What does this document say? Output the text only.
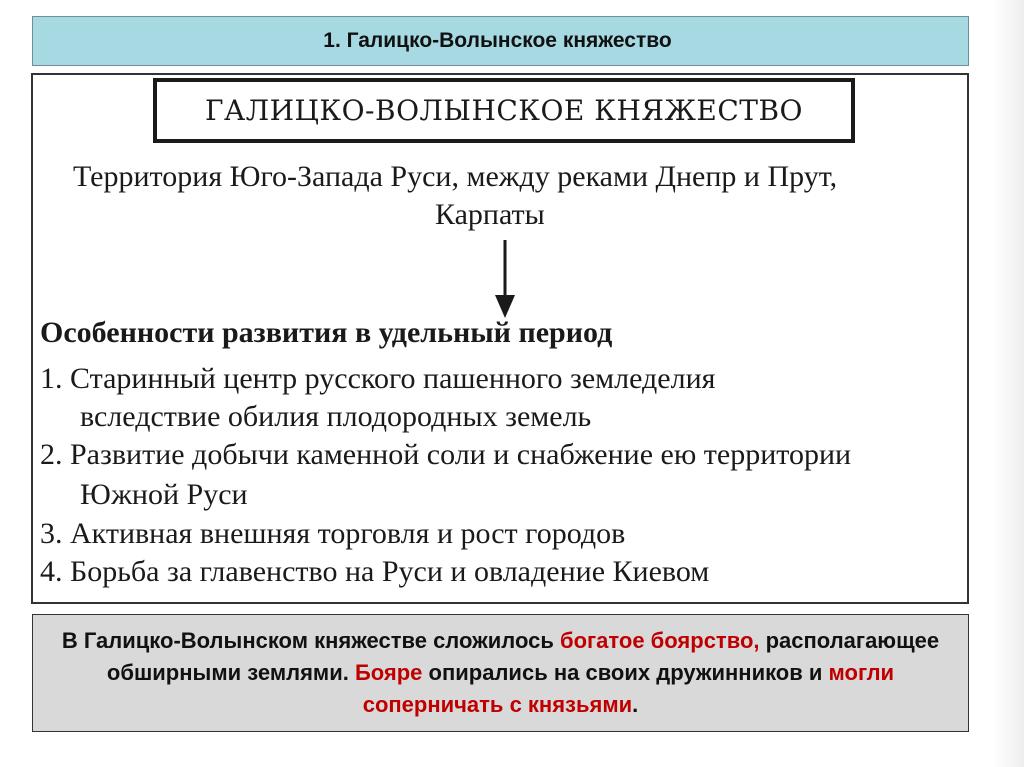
1. Галицко-Волынское княжество
ГАЛИЦКО-ВОЛЫНСКОЕ КНЯЖЕСТВО
Территория Юго-Запада Руси, между реками Днепр и Прут,
Карпаты
Особенности развития в удельный период
1. Старинный центр русского пашенного земледелия
вследствие обилия плодородных земель
2. Развитие добычи каменной соли и снабжение ею территории
Южной Руси
3. Активная внешняя торговля и рост городов
4. Борьба за главенство на Руси и овладение Киевом
В Галицко-Волынском княжестве сложилось богатое боярство, располагающее обширными землями. Бояре опирались на своих дружинников и могли соперничать с князьями.
